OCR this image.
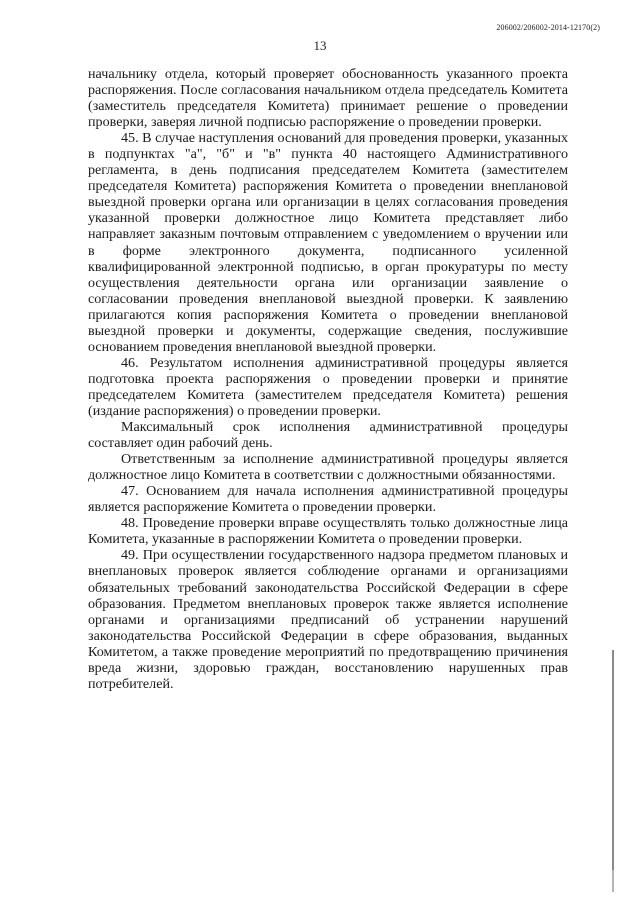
206002/206002-2014-12170(2)
13

начальнику отдела, который проверяет обоснованность указанного проекта распоряжения. После согласования начальником отдела председатель Комитета (заместитель председателя Комитета) принимает решение о проведении проверки, заверяя личной подписью распоряжение о проведении проверки.

45. В случае наступления оснований для проведения проверки, указанных в подпунктах "а", "б" и "в" пункта 40 настоящего Административного регламента, в день подписания председателем Комитета (заместителем председателя Комитета) распоряжения Комитета о проведении внеплановой выездной проверки органа или организации в целях согласования проведения указанной проверки должностное лицо Комитета представляет либо направляет заказным почтовым отправлением с уведомлением о вручении или в форме электронного документа, подписанного усиленной квалифицированной электронной подписью, в орган прокуратуры по месту осуществления деятельности органа или организации заявление о согласовании проведения внеплановой выездной проверки. К заявлению прилагаются копия распоряжения Комитета о проведении внеплановой выездной проверки и документы, содержащие сведения, послужившие основанием проведения внеплановой выездной проверки.

46. Результатом исполнения административной процедуры является подготовка проекта распоряжения о проведении проверки и принятие председателем Комитета (заместителем председателя Комитета) решения (издание распоряжения) о проведении проверки.

Максимальный срок исполнения административной процедуры составляет один рабочий день.

Ответственным за исполнение административной процедуры является должностное лицо Комитета в соответствии с должностными обязанностями.

47. Основанием для начала исполнения административной процедуры является распоряжение Комитета о проведении проверки.

48. Проведение проверки вправе осуществлять только должностные лица Комитета, указанные в распоряжении Комитета о проведении проверки.

49. При осуществлении государственного надзора предметом плановых и внеплановых проверок является соблюдение органами и организациями обязательных требований законодательства Российской Федерации в сфере образования. Предметом внеплановых проверок также является исполнение органами и организациями предписаний об устранении нарушений законодательства Российской Федерации в сфере образования, выданных Комитетом, а также проведение мероприятий по предотвращению причинения вреда жизни, здоровью граждан, восстановлению нарушенных прав потребителей.
